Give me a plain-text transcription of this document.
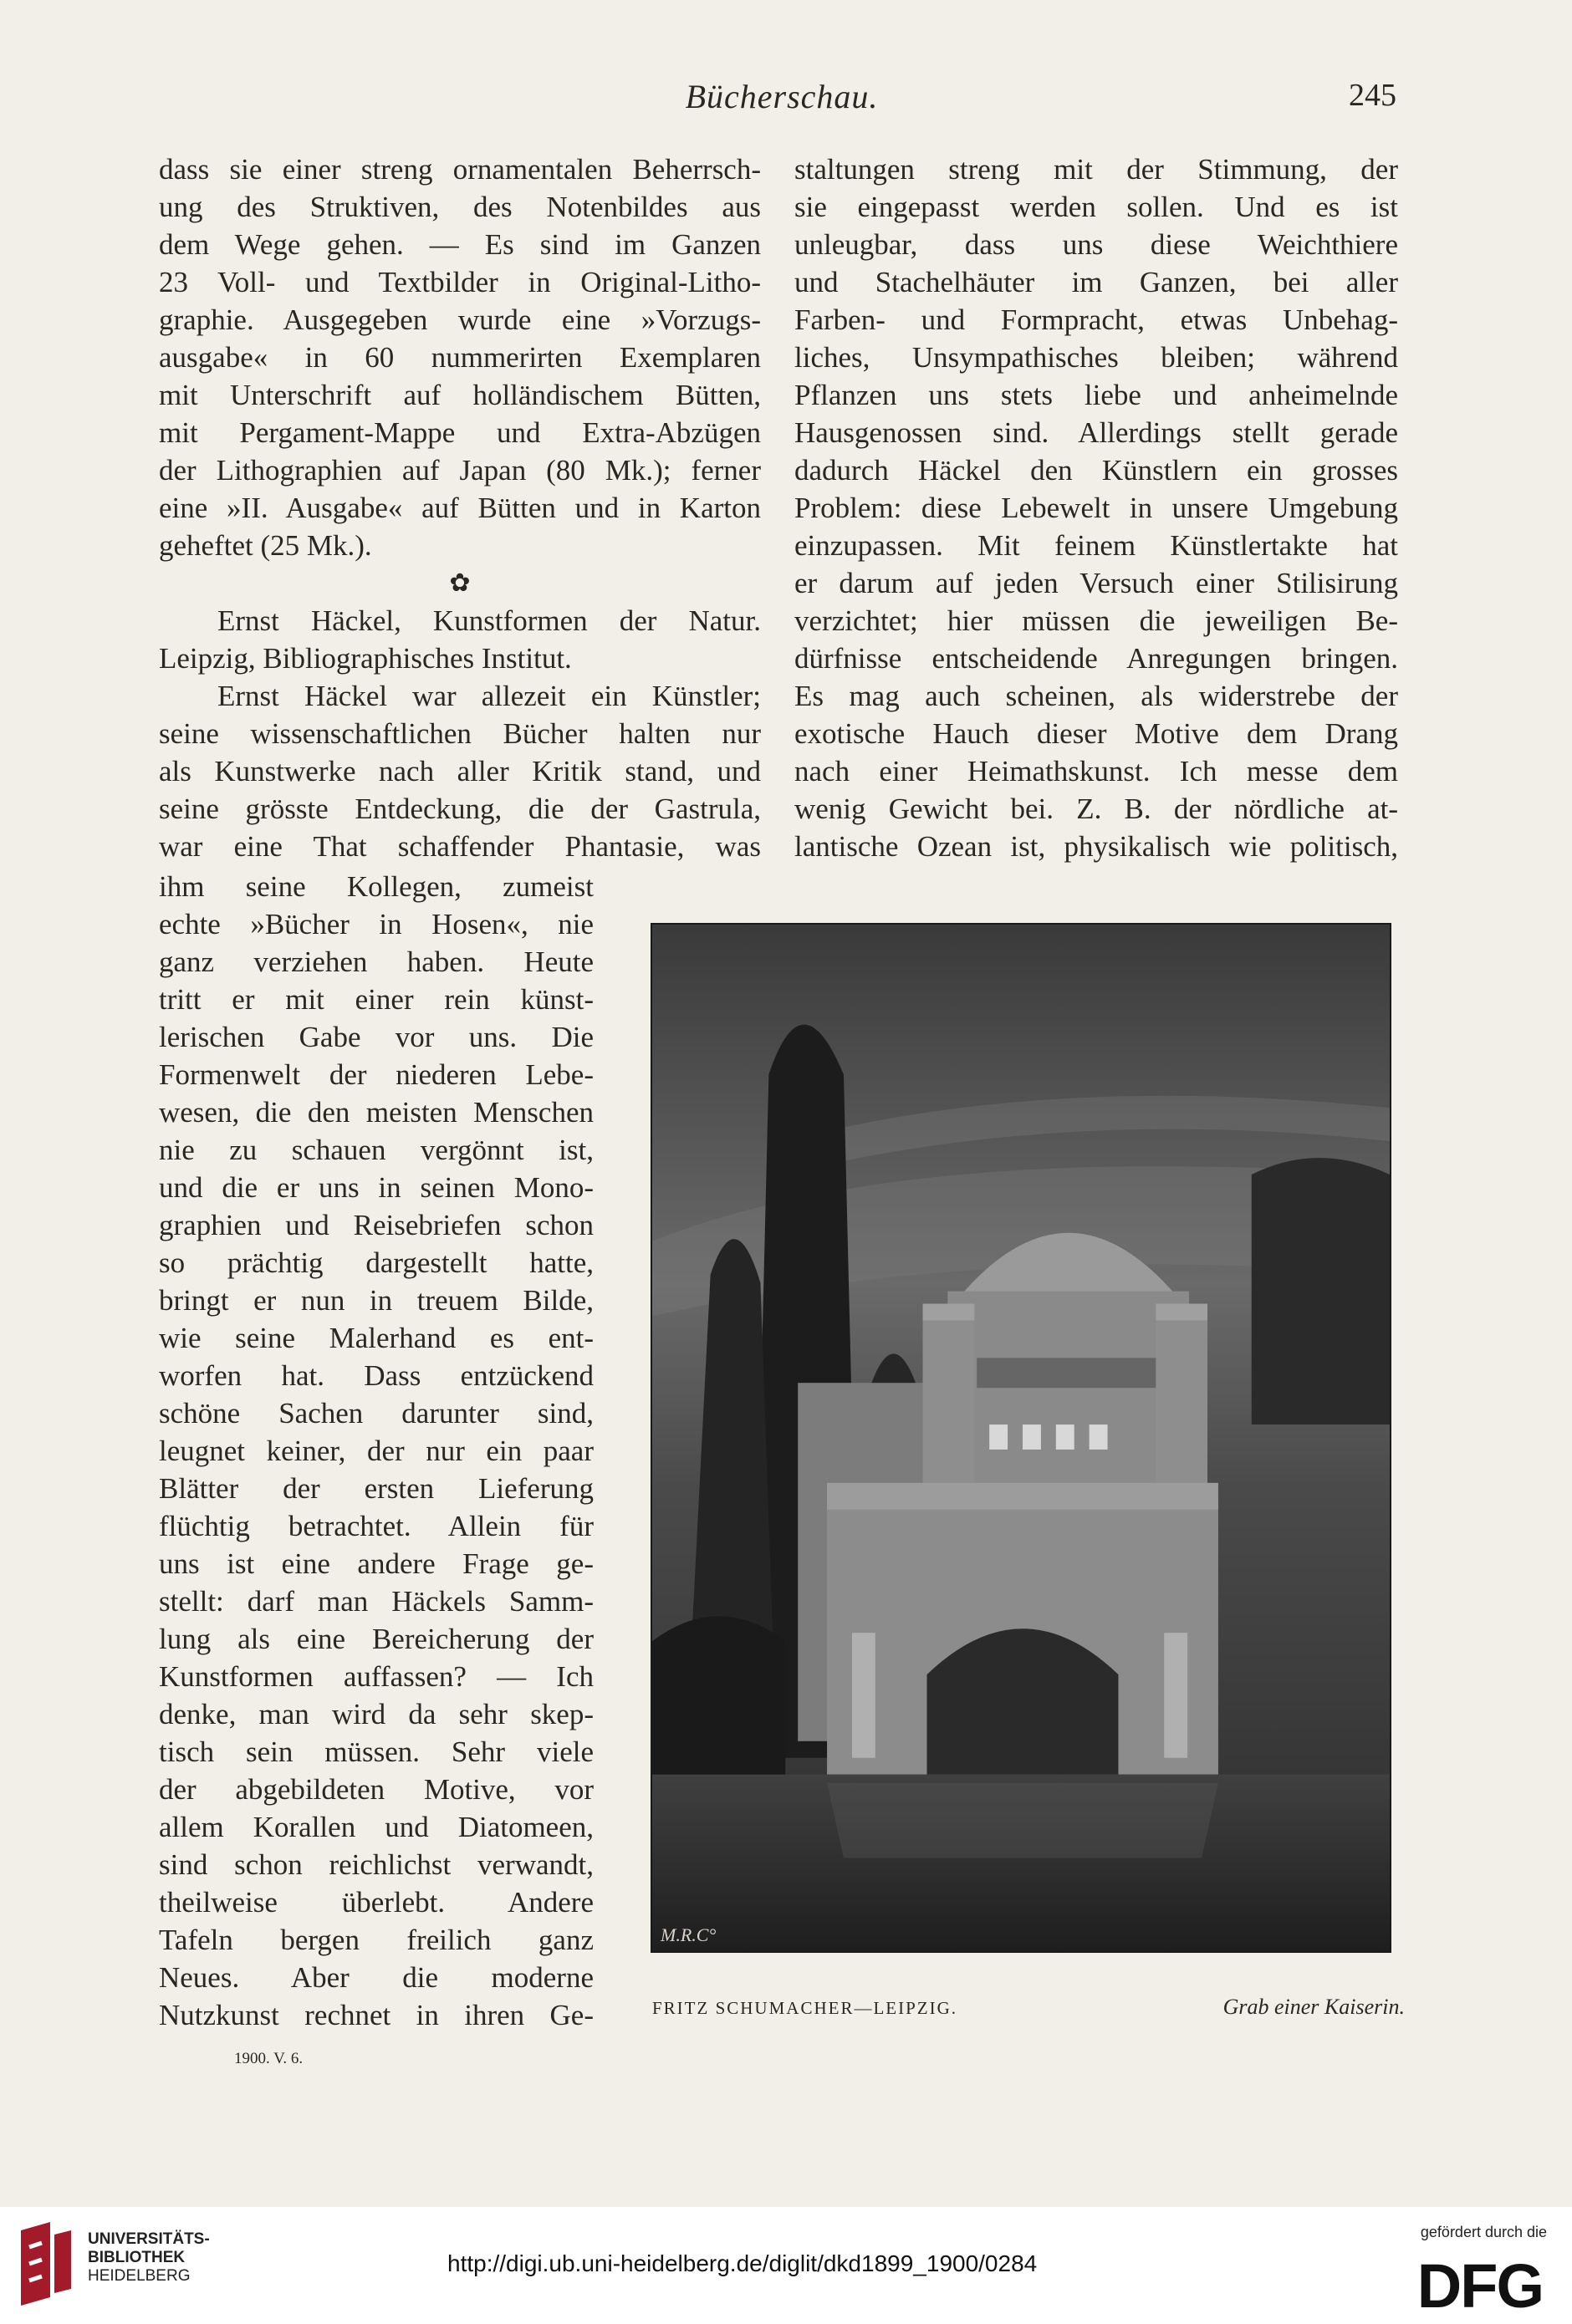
Bücherschau.	245
dass sie einer streng ornamentalen Beherrsch-
ung des Struktiven, des Notenbildes aus
dem Wege gehen. — Es sind im Ganzen
23 Voll- und Textbilder in Original-Litho-
graphie. Ausgegeben wurde eine »Vorzugs-
ausgabe« in 60 nummerirten Exemplaren
mit Unterschrift auf holländischem Bütten,
mit Pergament-Mappe und Extra-Abzügen
der Lithographien auf Japan (80 Mk.); ferner
eine »II. Ausgabe« auf Bütten und in Karton
geheftet (25 Mk.).
✿
Ernst Häckel, Kunstformen der Natur.
Leipzig, Bibliographisches Institut.
Ernst Häckel war allezeit ein Künstler;
seine wissenschaftlichen Bücher halten nur
als Kunstwerke nach aller Kritik stand, und
seine grösste Entdeckung, die der Gastrula,
war eine That schaffender Phantasie, was
ihm seine Kollegen, zumeist
echte »Bücher in Hosen«, nie
ganz verziehen haben. Heute
tritt er mit einer rein künst-
lerischen Gabe vor uns. Die
Formenwelt der niederen Lebe-
wesen, die den meisten Menschen
nie zu schauen vergönnt ist,
und die er uns in seinen Mono-
graphien und Reisebriefen schon
so prächtig dargestellt hatte,
bringt er nun in treuem Bilde,
wie seine Malerhand es ent-
worfen hat. Dass entzückend
schöne Sachen darunter sind,
leugnet keiner, der nur ein paar
Blätter der ersten Lieferung
flüchtig betrachtet. Allein für
uns ist eine andere Frage ge-
stellt: darf man Häckels Samm-
lung als eine Bereicherung der
Kunstformen auffassen? — Ich
denke, man wird da sehr skep-
tisch sein müssen. Sehr viele
der abgebildeten Motive, vor
allem Korallen und Diatomeen,
sind schon reichlichst verwandt,
theilweise überlebt. Andere
Tafeln bergen freilich ganz
Neues. Aber die moderne
Nutzkunst rechnet in ihren Ge-
staltungen streng mit der Stimmung, der
sie eingepasst werden sollen. Und es ist
unleugbar, dass uns diese Weichthiere
und Stachelhäuter im Ganzen, bei aller
Farben- und Formpracht, etwas Unbehag-
liches, Unsympathisches bleiben; während
Pflanzen uns stets liebe und anheimelnde
Hausgenossen sind. Allerdings stellt gerade
dadurch Häckel den Künstlern ein grosses
Problem: diese Lebewelt in unsere Umgebung
einzupassen. Mit feinem Künstlertakte hat
er darum auf jeden Versuch einer Stilisirung
verzichtet; hier müssen die jeweiligen Be-
dürfnisse entscheidende Anregungen bringen.
Es mag auch scheinen, als widerstrebe der
exotische Hauch dieser Motive dem Drang
nach einer Heimathskunst. Ich messe dem
wenig Gewicht bei. Z. B. der nördliche at-
lantische Ozean ist, physikalisch wie politisch,
M.R.C°
FRITZ SCHUMACHER—LEIPZIG.	Grab einer Kaiserin.
1900. V. 6.
UNIVERSITÄTS-
BIBLIOTHEK
HEIDELBERG	http://digi.ub.uni-heidelberg.de/diglit/dkd1899_1900/0284
gefördert durch die
DFG
